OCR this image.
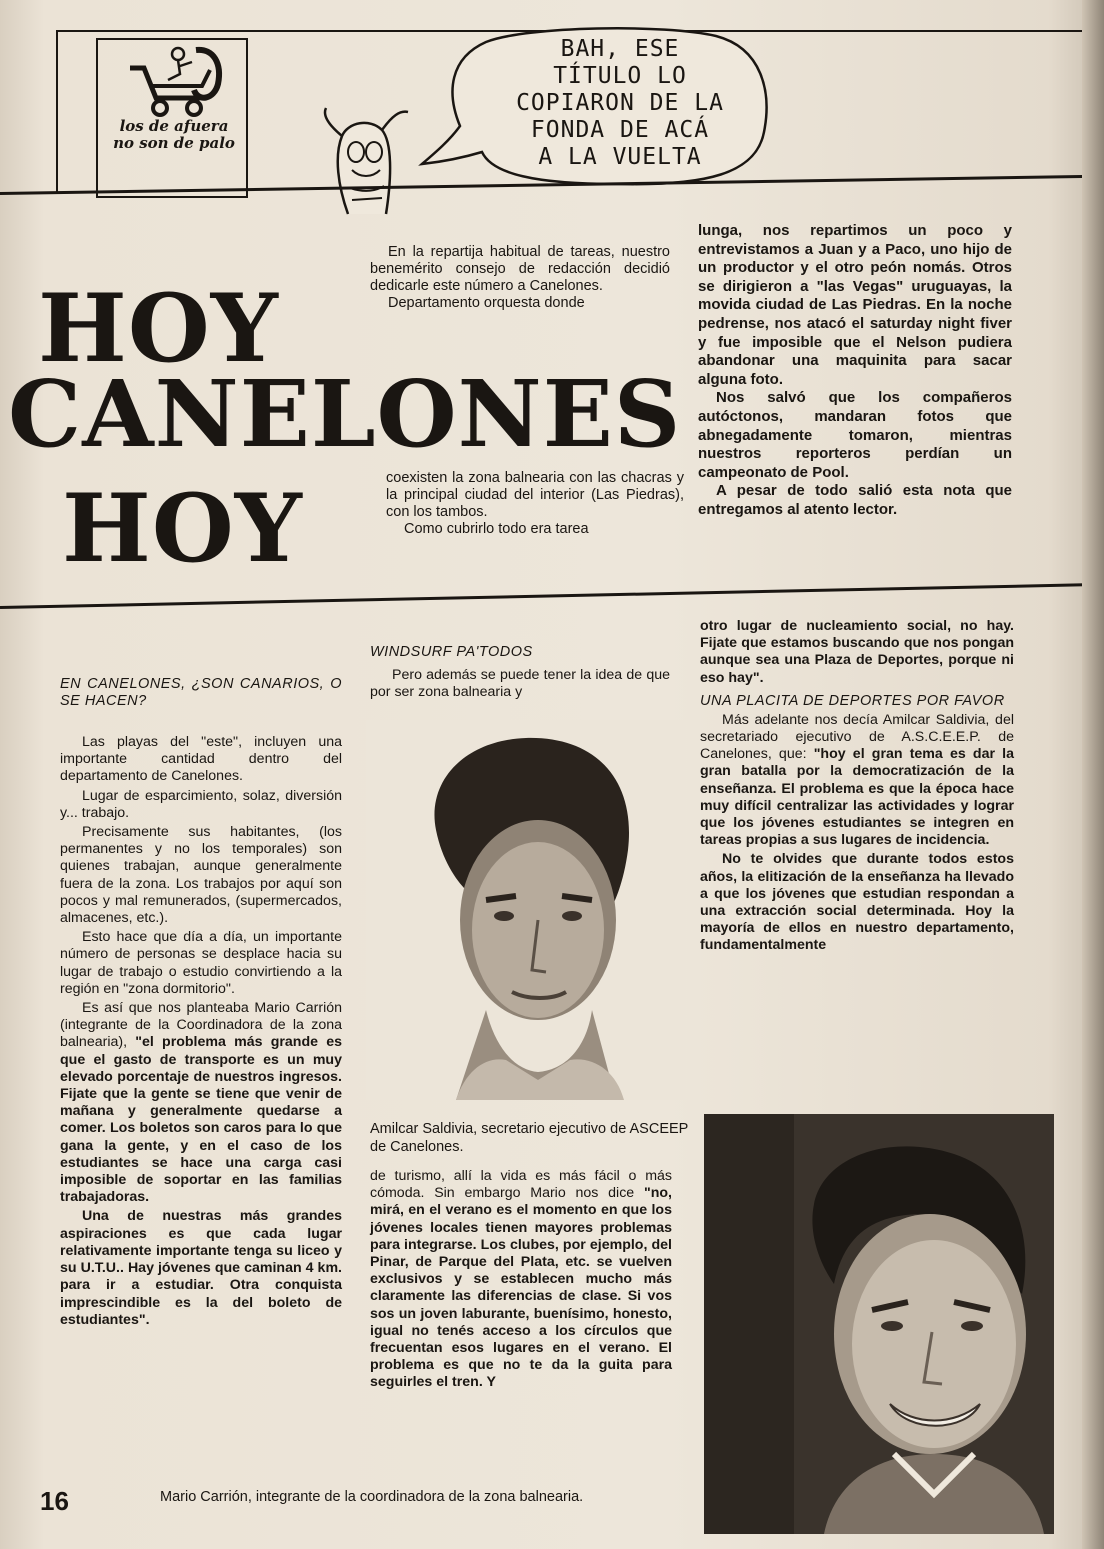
los de afuera
no son de palo
BAH, ESE
TÍTULO LO
COPIARON DE LA
FONDA DE ACÁ
A LA VUELTA
HOY
CANELONES
HOY

En la repartija habitual de tareas, nuestro benemérito consejo de redacción decidió dedicarle este número a Canelones.

Departamento orquesta donde

coexisten la zona balnearia con las chacras y la principal ciudad del interior (Las Piedras), con los tambos.

Como cubrirlo todo era tarea

lunga, nos repartimos un poco y entrevistamos a Juan y a Paco, uno hijo de un productor y el otro peón nomás. Otros se dirigieron a "las Vegas" uruguayas, la movida ciudad de Las Piedras. En la noche pedrense, nos atacó el saturday night fiver y fue imposible que el Nelson pudiera abandonar una maquinita para sacar alguna foto.

Nos salvó que los compañeros autóctonos, mandaran fotos que abnegadamente tomaron, mientras nuestros reporteros perdían un campeonato de Pool.

A pesar de todo salió esta nota que entregamos al atento lector.

EN CANELONES, ¿SON CANARIOS, O SE HACEN?

Las playas del "este", incluyen una importante cantidad dentro del departamento de Canelones.

Lugar de esparcimiento, solaz, diversión y... trabajo.

Precisamente sus habitantes, (los permanentes y no los temporales) son quienes trabajan, aunque generalmente fuera de la zona. Los trabajos por aquí son pocos y mal remunerados, (supermercados, almacenes, etc.).

Esto hace que día a día, un importante número de personas se desplace hacia su lugar de trabajo o estudio convirtiendo a la región en "zona dormitorio".

Es así que nos planteaba Mario Carrión (integrante de la Coordinadora de la zona balnearia), "el problema más grande es que el gasto de transporte es un muy elevado porcentaje de nuestros ingresos. Fijate que la gente se tiene que venir de mañana y generalmente quedarse a comer. Los boletos son caros para lo que gana la gente, y en el caso de los estudiantes se hace una carga casi imposible de soportar en las familias trabajadoras.

Una de nuestras más grandes aspiraciones es que cada lugar relativamente importante tenga su liceo y su U.T.U.. Hay jóvenes que caminan 4 km. para ir a estudiar. Otra conquista imprescindible es la del boleto de estudiantes".

WINDSURF PA'TODOS

Pero además se puede tener la idea de que por ser zona balnearia y

Amilcar Saldivia, secretario ejecutivo de ASCEEP de Canelones.

de turismo, allí la vida es más fácil o más cómoda. Sin embargo Mario nos dice "no, mirá, en el verano es el momento en que los jóvenes locales tienen mayores problemas para integrarse. Los clubes, por ejemplo, del Pinar, de Parque del Plata, etc. se vuelven exclusivos y se establecen mucho más claramente las diferencias de clase. Si vos sos un joven laburante, buenísimo, honesto, igual no tenés acceso a los círculos que frecuentan esos lugares en el verano. El problema es que no te da la guita para seguirles el tren. Y

otro lugar de nucleamiento social, no hay. Fijate que estamos buscando que nos pongan aunque sea una Plaza de Deportes, porque ni eso hay".

UNA PLACITA DE DEPORTES POR FAVOR

Más adelante nos decía Amilcar Saldivia, del secretariado ejecutivo de A.S.C.E.E.P. de Canelones, que: "hoy el gran tema es dar la gran batalla por la democratización de la enseñanza. El problema es que la época hace muy difícil centralizar las actividades y lograr que los jóvenes estudiantes se integren en tareas propias a sus lugares de incidencia.

No te olvides que durante todos estos años, la elitización de la enseñanza ha llevado a que los jóvenes que estudian respondan a una extracción social determinada. Hoy la mayoría de ellos en nuestro departamento, fundamentalmente

16	Mario Carrión, integrante de la coordinadora de la zona balnearia.
